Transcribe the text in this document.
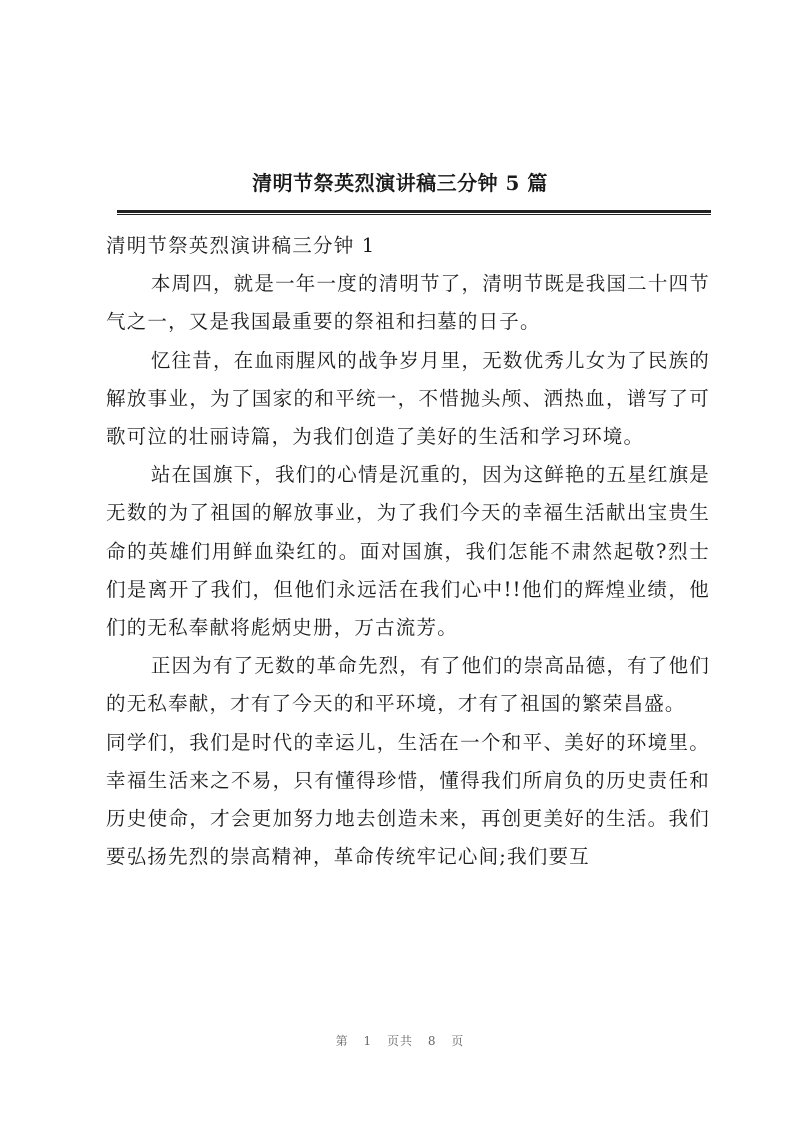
清明节祭英烈演讲稿三分钟 5 篇

清明节祭英烈演讲稿三分钟 1

本周四，就是一年一度的清明节了，清明节既是我国二十四节气之一，又是我国最重要的祭祖和扫墓的日子。

忆往昔，在血雨腥风的战争岁月里，无数优秀儿女为了民族的解放事业，为了国家的和平统一，不惜抛头颅、洒热血，谱写了可歌可泣的壮丽诗篇，为我们创造了美好的生活和学习环境。

站在国旗下，我们的心情是沉重的，因为这鲜艳的五星红旗是无数的为了祖国的解放事业，为了我们今天的幸福生活献出宝贵生命的英雄们用鲜血染红的。面对国旗，我们怎能不肃然起敬?烈士们是离开了我们，但他们永远活在我们心中!!他们的辉煌业绩，他们的无私奉献将彪炳史册，万古流芳。

正因为有了无数的革命先烈，有了他们的崇高品德，有了他们的无私奉献，才有了今天的和平环境，才有了祖国的繁荣昌盛。

同学们，我们是时代的幸运儿，生活在一个和平、美好的环境里。幸福生活来之不易，只有懂得珍惜，懂得我们所肩负的历史责任和历史使命，才会更加努力地去创造未来，再创更美好的生活。我们要弘扬先烈的崇高精神，革命传统牢记心间;我们要互

第 1 页共 8 页
